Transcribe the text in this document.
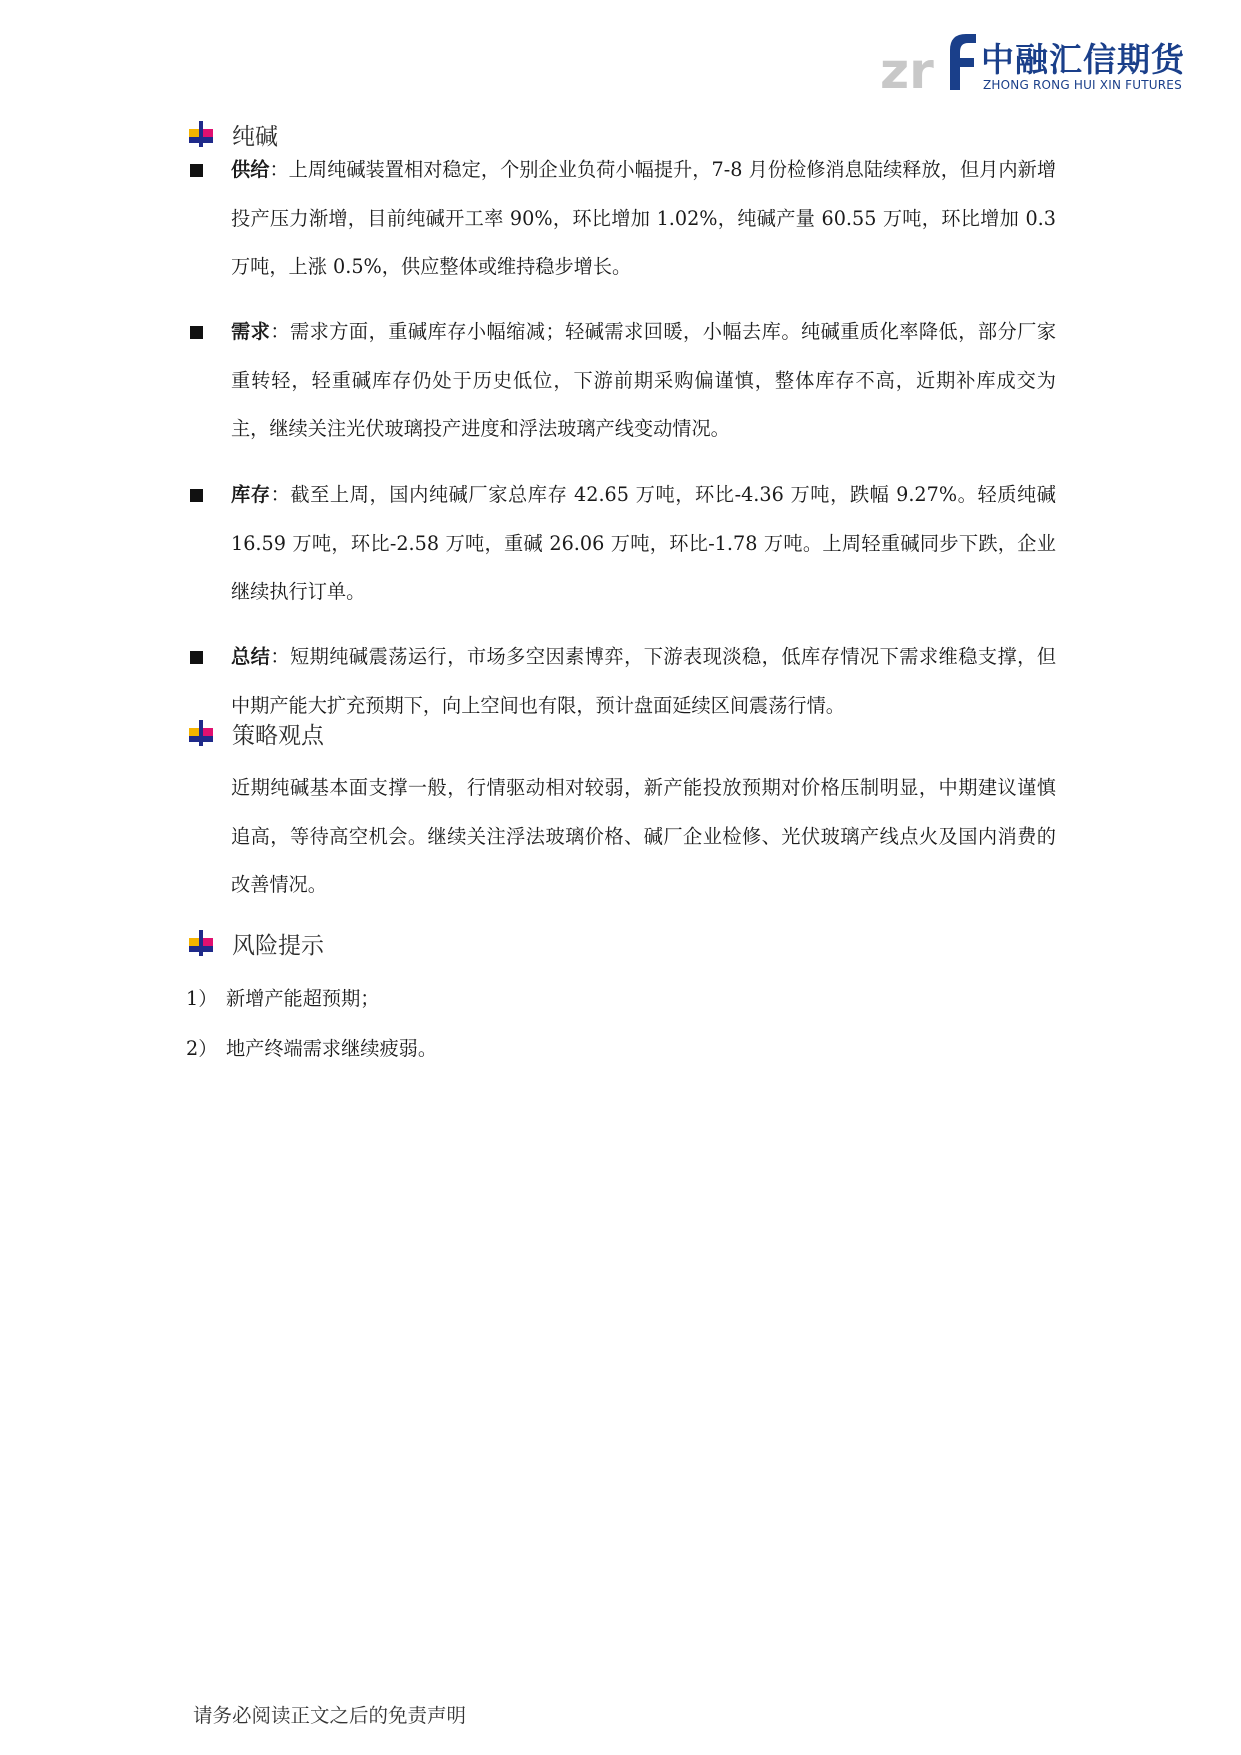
zr 中融汇信期货
ZHONG RONG HUI XIN FUTURES
纯碱
供给：上周纯碱装置相对稳定，个别企业负荷小幅提升，7-8 月份检修消息陆续释放，但月内新增投产压力渐增，目前纯碱开工率 90%，环比增加 1.02%，纯碱产量 60.55 万吨，环比增加 0.3 万吨，上涨 0.5%，供应整体或维持稳步增长。
需求：需求方面，重碱库存小幅缩减；轻碱需求回暖，小幅去库。纯碱重质化率降低，部分厂家重转轻，轻重碱库存仍处于历史低位，下游前期采购偏谨慎，整体库存不高，近期补库成交为主，继续关注光伏玻璃投产进度和浮法玻璃产线变动情况。
库存：截至上周，国内纯碱厂家总库存 42.65 万吨，环比-4.36 万吨，跌幅 9.27%。轻质纯碱 16.59 万吨，环比-2.58 万吨，重碱 26.06 万吨，环比-1.78 万吨。上周轻重碱同步下跌，企业继续执行订单。
总结：短期纯碱震荡运行，市场多空因素博弈，下游表现淡稳，低库存情况下需求维稳支撑，但中期产能大扩充预期下，向上空间也有限，预计盘面延续区间震荡行情。
策略观点
近期纯碱基本面支撑一般，行情驱动相对较弱，新产能投放预期对价格压制明显，中期建议谨慎追高，等待高空机会。继续关注浮法玻璃价格、碱厂企业检修、光伏玻璃产线点火及国内消费的改善情况。
风险提示
1） 新增产能超预期；
2） 地产终端需求继续疲弱。
请务必阅读正文之后的免责声明
